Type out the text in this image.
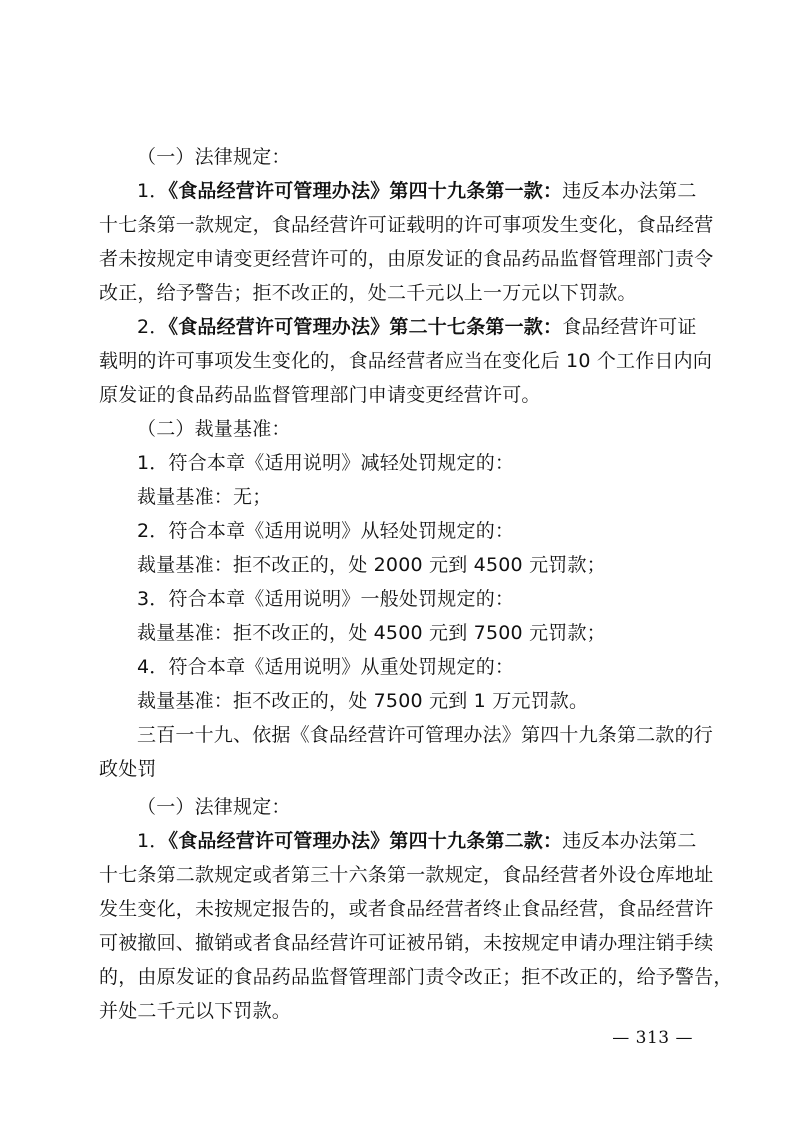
（一）法律规定：
1．《食品经营许可管理办法》第四十九条第一款：违反本办法第二
十七条第一款规定，食品经营许可证载明的许可事项发生变化，食品经营
者未按规定申请变更经营许可的，由原发证的食品药品监督管理部门责令
改正，给予警告；拒不改正的，处二千元以上一万元以下罚款。
2．《食品经营许可管理办法》第二十七条第一款：食品经营许可证
载明的许可事项发生变化的，食品经营者应当在变化后 10 个工作日内向
原发证的食品药品监督管理部门申请变更经营许可。
（二）裁量基准：
1．符合本章《适用说明》减轻处罚规定的：
裁量基准：无；
2．符合本章《适用说明》从轻处罚规定的：
裁量基准：拒不改正的，处 2000 元到 4500 元罚款；
3．符合本章《适用说明》一般处罚规定的：
裁量基准：拒不改正的，处 4500 元到 7500 元罚款；
4．符合本章《适用说明》从重处罚规定的：
裁量基准：拒不改正的，处 7500 元到 1 万元罚款。
三百一十九、依据《食品经营许可管理办法》第四十九条第二款的行
政处罚
（一）法律规定：
1．《食品经营许可管理办法》第四十九条第二款：违反本办法第二
十七条第二款规定或者第三十六条第一款规定，食品经营者外设仓库地址
发生变化，未按规定报告的，或者食品经营者终止食品经营，食品经营许
可被撤回、撤销或者食品经营许可证被吊销，未按规定申请办理注销手续
的，由原发证的食品药品监督管理部门责令改正；拒不改正的，给予警告，
并处二千元以下罚款。
— 313 —
